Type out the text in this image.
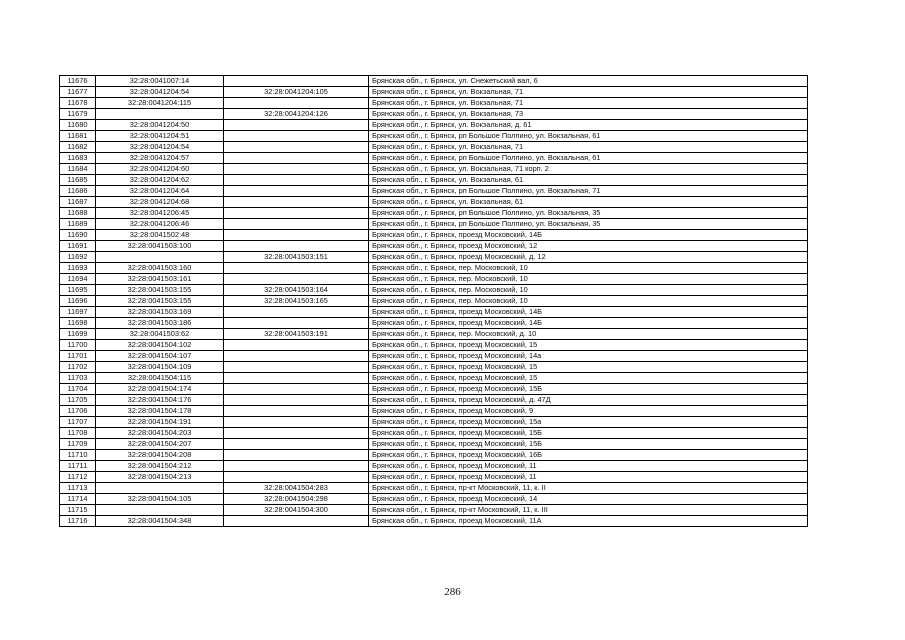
11676	32:28:0041007:14		Брянская обл., г. Брянск, ул. Снежетьский вал, 6
11677	32:28:0041204:54	32:28:0041204:105	Брянская обл., г. Брянск, ул. Вокзальная, 71
11678	32:28:0041204:115		Брянская обл., г. Брянск, ул. Вокзальная, 71
11679		32:28:0041204:126	Брянская обл., г. Брянск, ул. Вокзальная, 73
11680	32:28:0041204:50		Брянская обл., г. Брянск, ул. Вокзальная, д. 61
11681	32:28:0041204:51		Брянская обл., г. Брянск, рп Большое Полпино, ул. Вокзальная, 61
11682	32:28:0041204:54		Брянская обл., г. Брянск, ул. Вокзальная, 71
11683	32:28:0041204:57		Брянская обл., г. Брянск, рп Большое Полпино, ул. Вокзальная, 61
11684	32:28:0041204:60		Брянская обл., г. Брянск, ул. Вокзальная, 71 корп. 2
11685	32:28:0041204:62		Брянская обл., г. Брянск, ул. Вокзальная, 61
11686	32:28:0041204:64		Брянская обл., г. Брянск, рп Большое Полпино, ул. Вокзальная, 71
11687	32:28:0041204:68		Брянская обл., г. Брянск, ул. Вокзальная, 61
11688	32:28:0041206:45		Брянская обл., г. Брянск, рп Большое Полпино, ул. Вокзальная, 35
11689	32:28:0041206:46		Брянская обл., г. Брянск, рп Большое Полпино, ул. Вокзальная, 35
11690	32:28:0041502:48		Брянская обл., г. Брянск, проезд Московский, 14Б
11691	32:28:0041503:100		Брянская обл., г. Брянск, проезд Московский, 12
11692		32:28:0041503:151	Брянская обл., г. Брянск, проезд Московский, д. 12
11693	32:28:0041503:160		Брянская обл., г. Брянск, пер. Московский, 10
11694	32:28:0041503:161		Брянская обл., г. Брянск, пер. Московский, 10
11695	32:28:0041503:155	32:28:0041503:164	Брянская обл., г. Брянск, пер. Московский, 10
11696	32:28:0041503:155	32:28:0041503:165	Брянская обл., г. Брянск, пер. Московский, 10
11697	32:28:0041503:169		Брянская обл., г. Брянск, проезд Московский, 14Б
11698	32:28:0041503:186		Брянская обл., г. Брянск, проезд Московский, 14Б
11699	32:28:0041503:62	32:28:0041503:191	Брянская обл., г. Брянск, пер. Московский, д. 10
11700	32:28:0041504:102		Брянская обл., г. Брянск, проезд Московский, 15
11701	32:28:0041504:107		Брянская обл., г. Брянск, проезд Московский, 14а
11702	32:28:0041504:109		Брянская обл., г. Брянск, проезд Московский, 15
11703	32:28:0041504:115		Брянская обл., г. Брянск, проезд Московский, 15
11704	32:28:0041504:174		Брянская обл., г. Брянск, проезд Московский, 15Б
11705	32:28:0041504:176		Брянская обл., г. Брянск, проезд Московский, д. 47Д
11706	32:28:0041504:178		Брянская обл., г. Брянск, проезд Московский, 9
11707	32:28:0041504:191		Брянская обл., г. Брянск, проезд Московский, 15а
11708	32:28:0041504:203		Брянская обл., г. Брянск, проезд Московский, 15Б
11709	32:28:0041504:207		Брянская обл., г. Брянск, проезд Московский, 15Б
11710	32:28:0041504:208		Брянская обл., г. Брянск, проезд Московский, 16Б
11711	32:28:0041504:212		Брянская обл., г. Брянск, проезд Московский, 11
11712	32:28:0041504:213		Брянская обл., г. Брянск, проезд Московский, 11
11713		32:28:0041504:283	Брянская обл., г. Брянск, пр-кт Московский, 11, к. II
11714	32:28:0041504:105	32:28:0041504:298	Брянская обл., г. Брянск, проезд Московский, 14
11715		32:28:0041504:300	Брянская обл., г. Брянск, пр-кт Московский, 11, к. III
11716	32:28:0041504:348		Брянская обл., г. Брянск, проезд Московский, 11А
286
